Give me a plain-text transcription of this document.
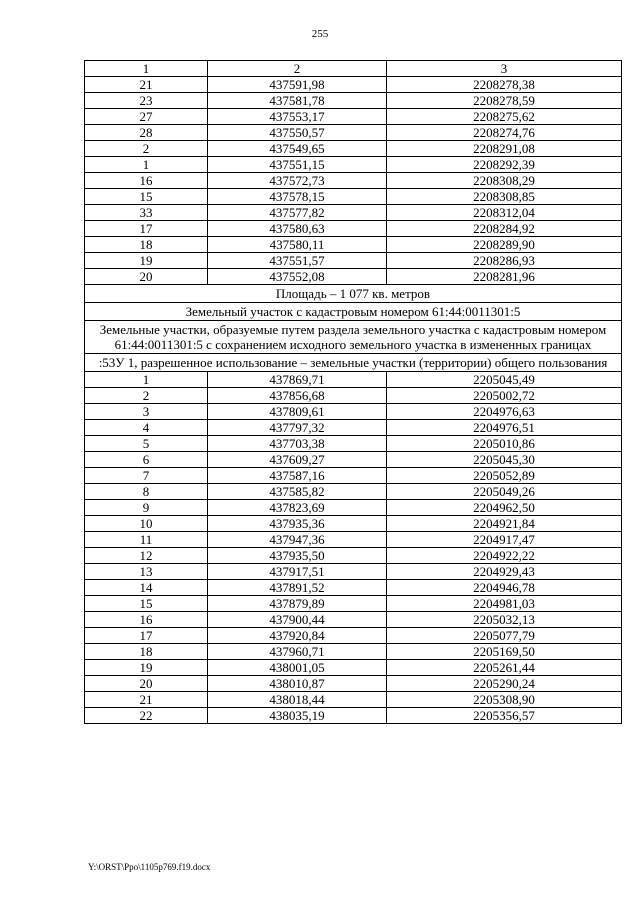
255
1	2	3
21	437591,98	2208278,38
23	437581,78	2208278,59
27	437553,17	2208275,62
28	437550,57	2208274,76
2	437549,65	2208291,08
1	437551,15	2208292,39
16	437572,73	2208308,29
15	437578,15	2208308,85
33	437577,82	2208312,04
17	437580,63	2208284,92
18	437580,11	2208289,90
19	437551,57	2208286,93
20	437552,08	2208281,96
Площадь – 1 077 кв. метров		
Земельный участок с кадастровым номером 61:44:0011301:5		
Земельные участки, образуемые путем раздела земельного участка с кадастровым номером 61:44:0011301:5 с сохранением исходного земельного участка в измененных границах		
:53У 1, разрешенное использование – земельные участки (территории) общего пользования		
1	437869,71	2205045,49
2	437856,68	2205002,72
3	437809,61	2204976,63
4	437797,32	2204976,51
5	437703,38	2205010,86
6	437609,27	2205045,30
7	437587,16	2205052,89
8	437585,82	2205049,26
9	437823,69	2204962,50
10	437935,36	2204921,84
11	437947,36	2204917,47
12	437935,50	2204922,22
13	437917,51	2204929,43
14	437891,52	2204946,78
15	437879,89	2204981,03
16	437900,44	2205032,13
17	437920,84	2205077,79
18	437960,71	2205169,50
19	438001,05	2205261,44
20	438010,87	2205290,24
21	438018,44	2205308,90
22	438035,19	2205356,57
Y:\ORST\Ppo\1105p769.f19.docx
